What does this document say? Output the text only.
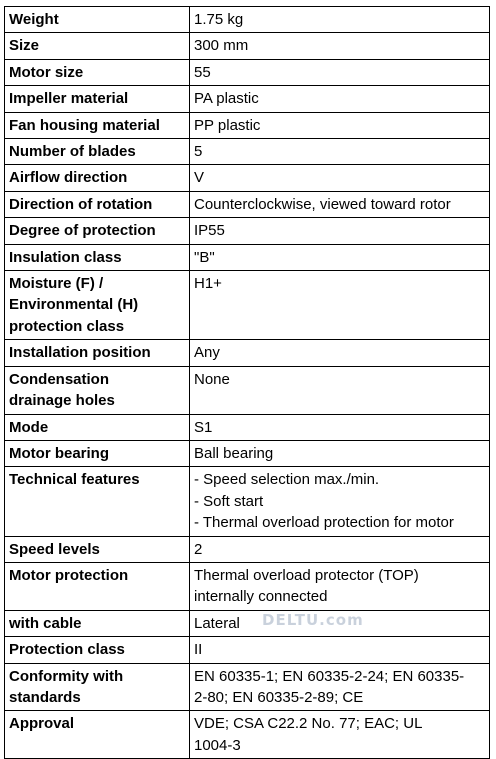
Weight	1.75 kg

Size	300 mm

Motor size	55

Impeller material	PA plastic

Fan housing material	PP plastic

Number of blades	5

Airflow direction	V

Direction of rotation	Counterclockwise, viewed toward rotor

Degree of protection	IP55

Insulation class	"B"

Moisture (F) /
Environmental (H)
protection class	H1+

Installation position	Any

Condensation
drainage holes	None

Mode	S1

Motor bearing	Ball bearing

Technical features	- Speed selection max./min.
- Soft start
- Thermal overload protection for motor

Speed levels	2

Motor protection	Thermal overload protector (TOP)
internally connected

with cable	Lateral

Protection class	II

Conformity with
standards	EN 60335-1; EN 60335-2-24; EN 60335-
2-80; EN 60335-2-89; CE

Approval	VDE; CSA C22.2 No. 77; EAC; UL
1004-3
DELTU.com
